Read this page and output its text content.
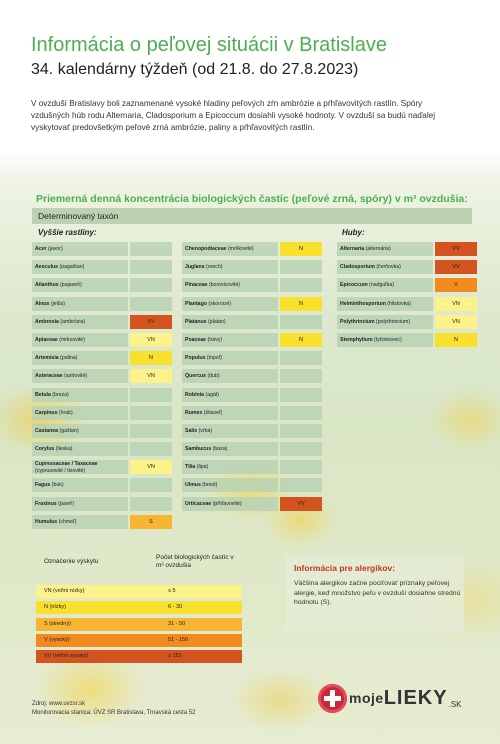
Informácia o peľovej situácii v Bratislave
34. kalendárny týždeň (od 21.8. do 27.8.2023)

V ovzduší Bratislavy boli zaznamenané vysoké hladiny peľových zŕn ambrózie a pŕhľavovitých rastlín. Spóry vzdušných húb rodu Alternaria, Cladosporium a Epicoccum dosiahli vysoké hodnoty. V ovzduší sa budú naďalej vyskytovať predovšetkým peľové zrná ambrózie, paliny a pŕhľavovitých rastlín.

Priemerná denná koncentrácia biologických častíc (peľové zrná, spóry) v m³ ovzdušia:
Determinovaný taxón
Vyššie rastliny:	Huby:
Acer (javor)
Aesculus (pagaštan)
Ailanthus (pajaseň)
Alnus (jelša)
Ambrosia (ambrózia)	VV
Apiaceae (mrkvovité)	VN
Artemisia (palina)	N
Asteraceae (astrovité)	VN
Betula (breza)
Carpinus (hrab)
Castanea (gaštan)
Corylus (lieska)
Cupressaceae / Taxaceae
(cyprusovité / tisovité)
VN
Fagus (buk)
Fraxinus (jaseň)
Humulus (chmeľ)	S
Chenopodiaceae (mrlíkovité)	N
Juglans (orech)
Pinaceae (borovicovité)
Plantago (skorocel)	N
Platanus (platan)
Poaceae (trávy)	N
Populus (topoľ)
Quercus (dub)
Robinia (agát)
Rumex (štiaveľ)
Salix (vŕba)
Sambucus (baza)
Tilia (lipa)
Ulmus (brest)
Urticaceae (pŕhľavovité)	VV
Alternaria (alternária)	VV
Cladosporium (čerňovka)	VV
Epicoccum (nadguľka)	V
Helminthosporium (hlistovka)	VN
Polythrincium (polythrincium)	VN
Stemphylium (tyčinkovec)	N
Označenie výskytu
Počet biologických častíc v m³ ovzdušia
VN (veľmi nízky)	≤ 5
N (nízky)	6 - 30
S (stredný)	31 - 50
V (vysoký)	51 - 150
VV (veľmi vysoký)	≥ 151
Informácia pre alergikov:

Väčšina alergikov začne pociťovať príznaky peľovej alergie, keď množstvo peľu v ovzduší dosiahne strednú hodnotu (S).

Zdroj: www.uvzsr.sk
Monitorovacia stanica: ÚVZ SR Bratislava, Trnavská cesta 52
moje LIEKY .SK
